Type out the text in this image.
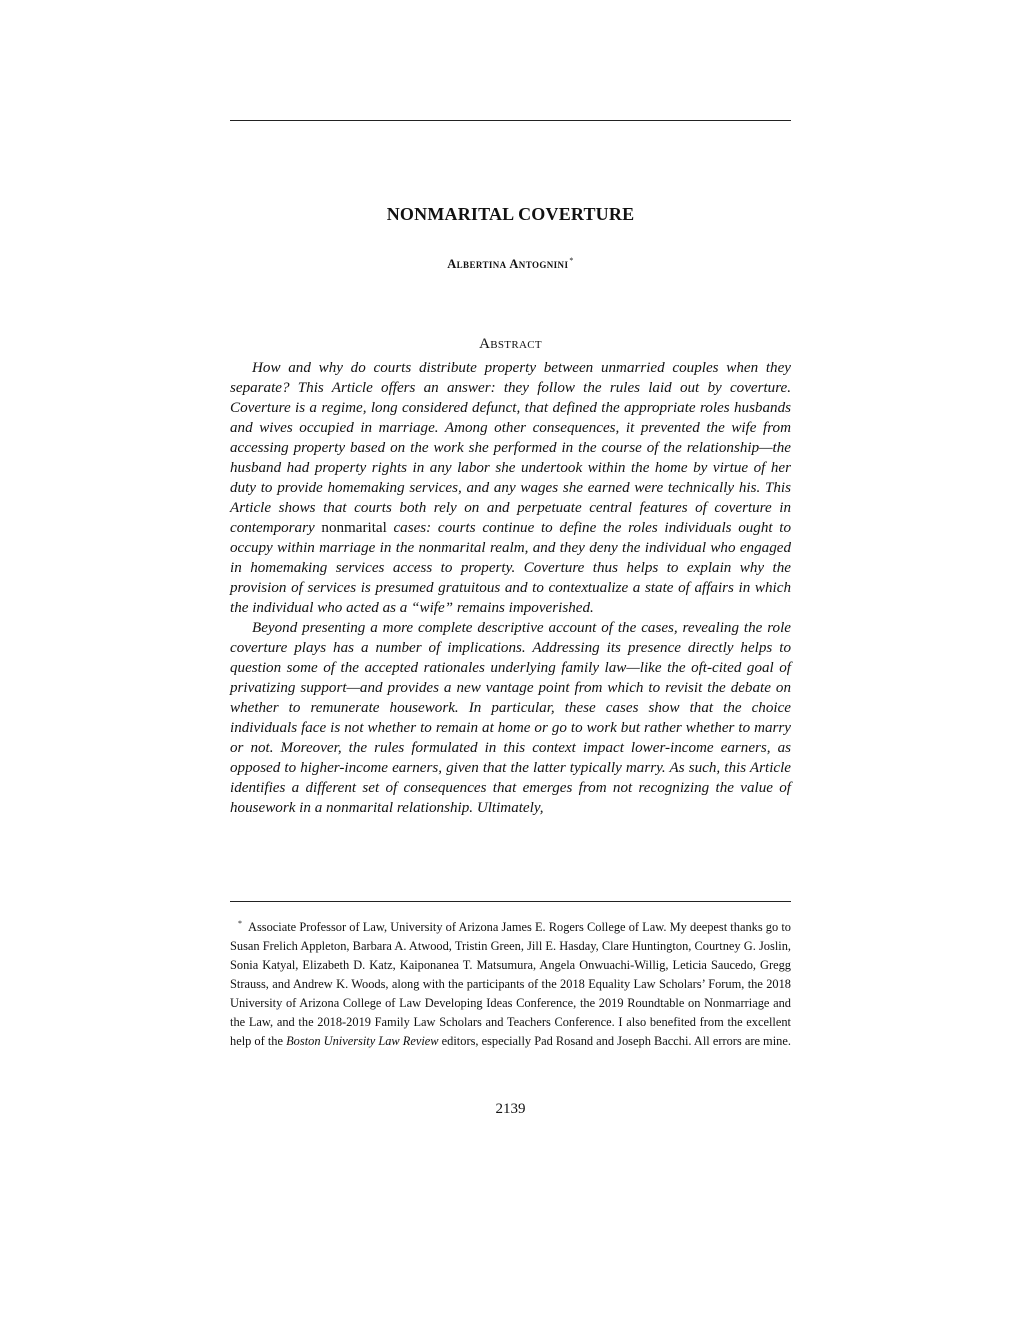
NONMARITAL COVERTURE
Albertina Antognini*
Abstract

How and why do courts distribute property between unmarried couples when they separate? This Article offers an answer: they follow the rules laid out by coverture. Coverture is a regime, long considered defunct, that defined the appropriate roles husbands and wives occupied in marriage. Among other consequences, it prevented the wife from accessing property based on the work she performed in the course of the relationship—the husband had property rights in any labor she undertook within the home by virtue of her duty to provide homemaking services, and any wages she earned were technically his. This Article shows that courts both rely on and perpetuate central features of coverture in contemporary nonmarital cases: courts continue to define the roles individuals ought to occupy within marriage in the nonmarital realm, and they deny the individual who engaged in homemaking services access to property. Coverture thus helps to explain why the provision of services is presumed gratuitous and to contextualize a state of affairs in which the individual who acted as a “wife” remains impoverished.

Beyond presenting a more complete descriptive account of the cases, revealing the role coverture plays has a number of implications. Addressing its presence directly helps to question some of the accepted rationales underlying family law—like the oft-cited goal of privatizing support—and provides a new vantage point from which to revisit the debate on whether to remunerate housework. In particular, these cases show that the choice individuals face is not whether to remain at home or go to work but rather whether to marry or not. Moreover, the rules formulated in this context impact lower-income earners, as opposed to higher-income earners, given that the latter typically marry. As such, this Article identifies a different set of consequences that emerges from not recognizing the value of housework in a nonmarital relationship. Ultimately,

* Associate Professor of Law, University of Arizona James E. Rogers College of Law. My deepest thanks go to Susan Frelich Appleton, Barbara A. Atwood, Tristin Green, Jill E. Hasday, Clare Huntington, Courtney G. Joslin, Sonia Katyal, Elizabeth D. Katz, Kaiponanea T. Matsumura, Angela Onwuachi-Willig, Leticia Saucedo, Gregg Strauss, and Andrew K. Woods, along with the participants of the 2018 Equality Law Scholars’ Forum, the 2018 University of Arizona College of Law Developing Ideas Conference, the 2019 Roundtable on Nonmarriage and the Law, and the 2018-2019 Family Law Scholars and Teachers Conference. I also benefited from the excellent help of the Boston University Law Review editors, especially Pad Rosand and Joseph Bacchi. All errors are mine.

2139
